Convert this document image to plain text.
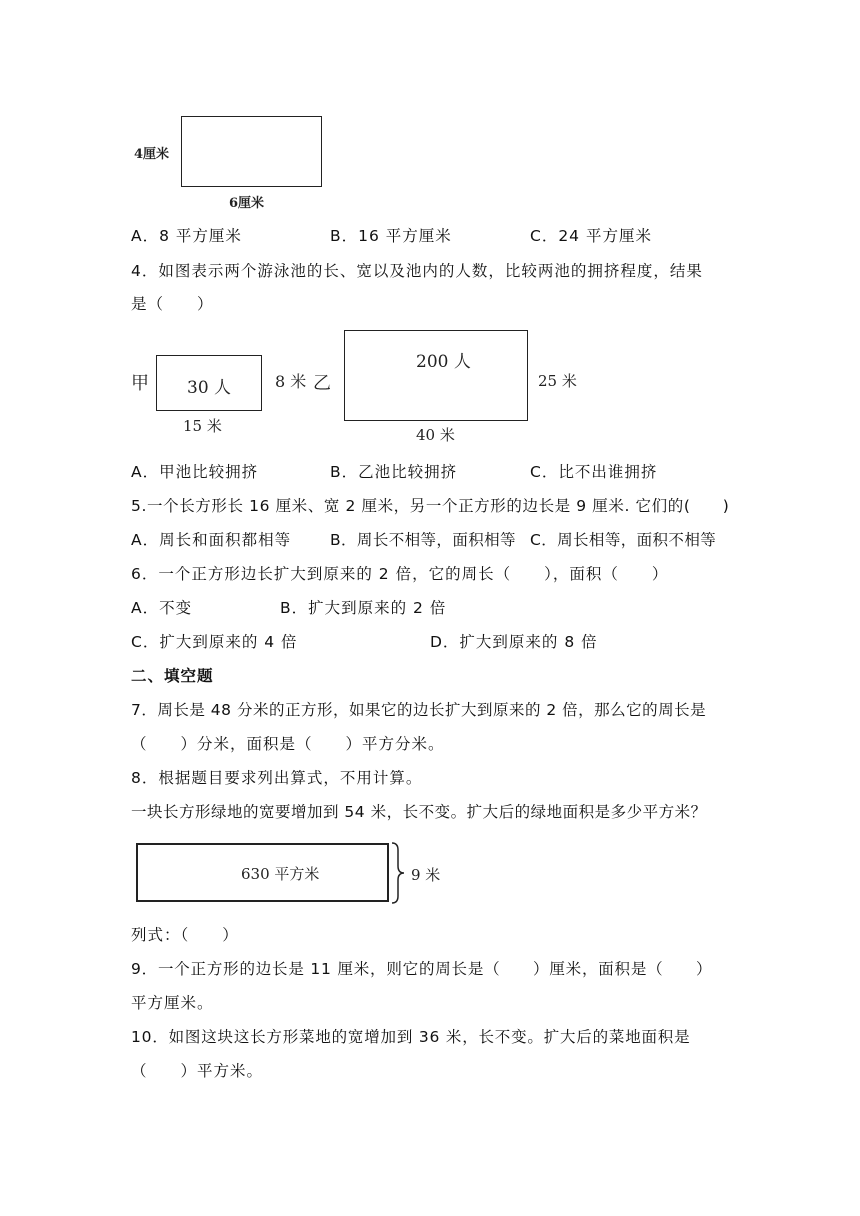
4厘米
6厘米
A．8 平方厘米	B．16 平方厘米	C．24 平方厘米
4．如图表示两个游泳池的长、宽以及池内的人数，比较两池的拥挤程度，结果
是（　　）
甲 30 人
15 米
8 米 乙
200 人
40 米
25 米
A．甲池比较拥挤	B．乙池比较拥挤	C．比不出谁拥挤
5.一个长方形长 16 厘米、宽 2 厘米，另一个正方形的边长是 9 厘米. 它们的(　　)
A．周长和面积都相等	B．周长不相等，面积相等 C．周长相等，面积不相等
6．一个正方形边长扩大到原来的 2 倍，它的周长（　　），面积（　　）
A．不变	B．扩大到原来的 2 倍
C．扩大到原来的 4 倍	D．扩大到原来的 8 倍
二、填空题
7．周长是 48 分米的正方形，如果它的边长扩大到原来的 2 倍，那么它的周长是
（　　）分米，面积是（　　）平方分米。
8．根据题目要求列出算式，不用计算。
一块长方形绿地的宽要增加到 54 米，长不变。扩大后的绿地面积是多少平方米？
630 平方米	9 米
列式：（　　）
9．一个正方形的边长是 11 厘米，则它的周长是（　　）厘米，面积是（　　）
平方厘米。
10．如图这块这长方形菜地的宽增加到 36 米，长不变。扩大后的菜地面积是
（　　）平方米。
